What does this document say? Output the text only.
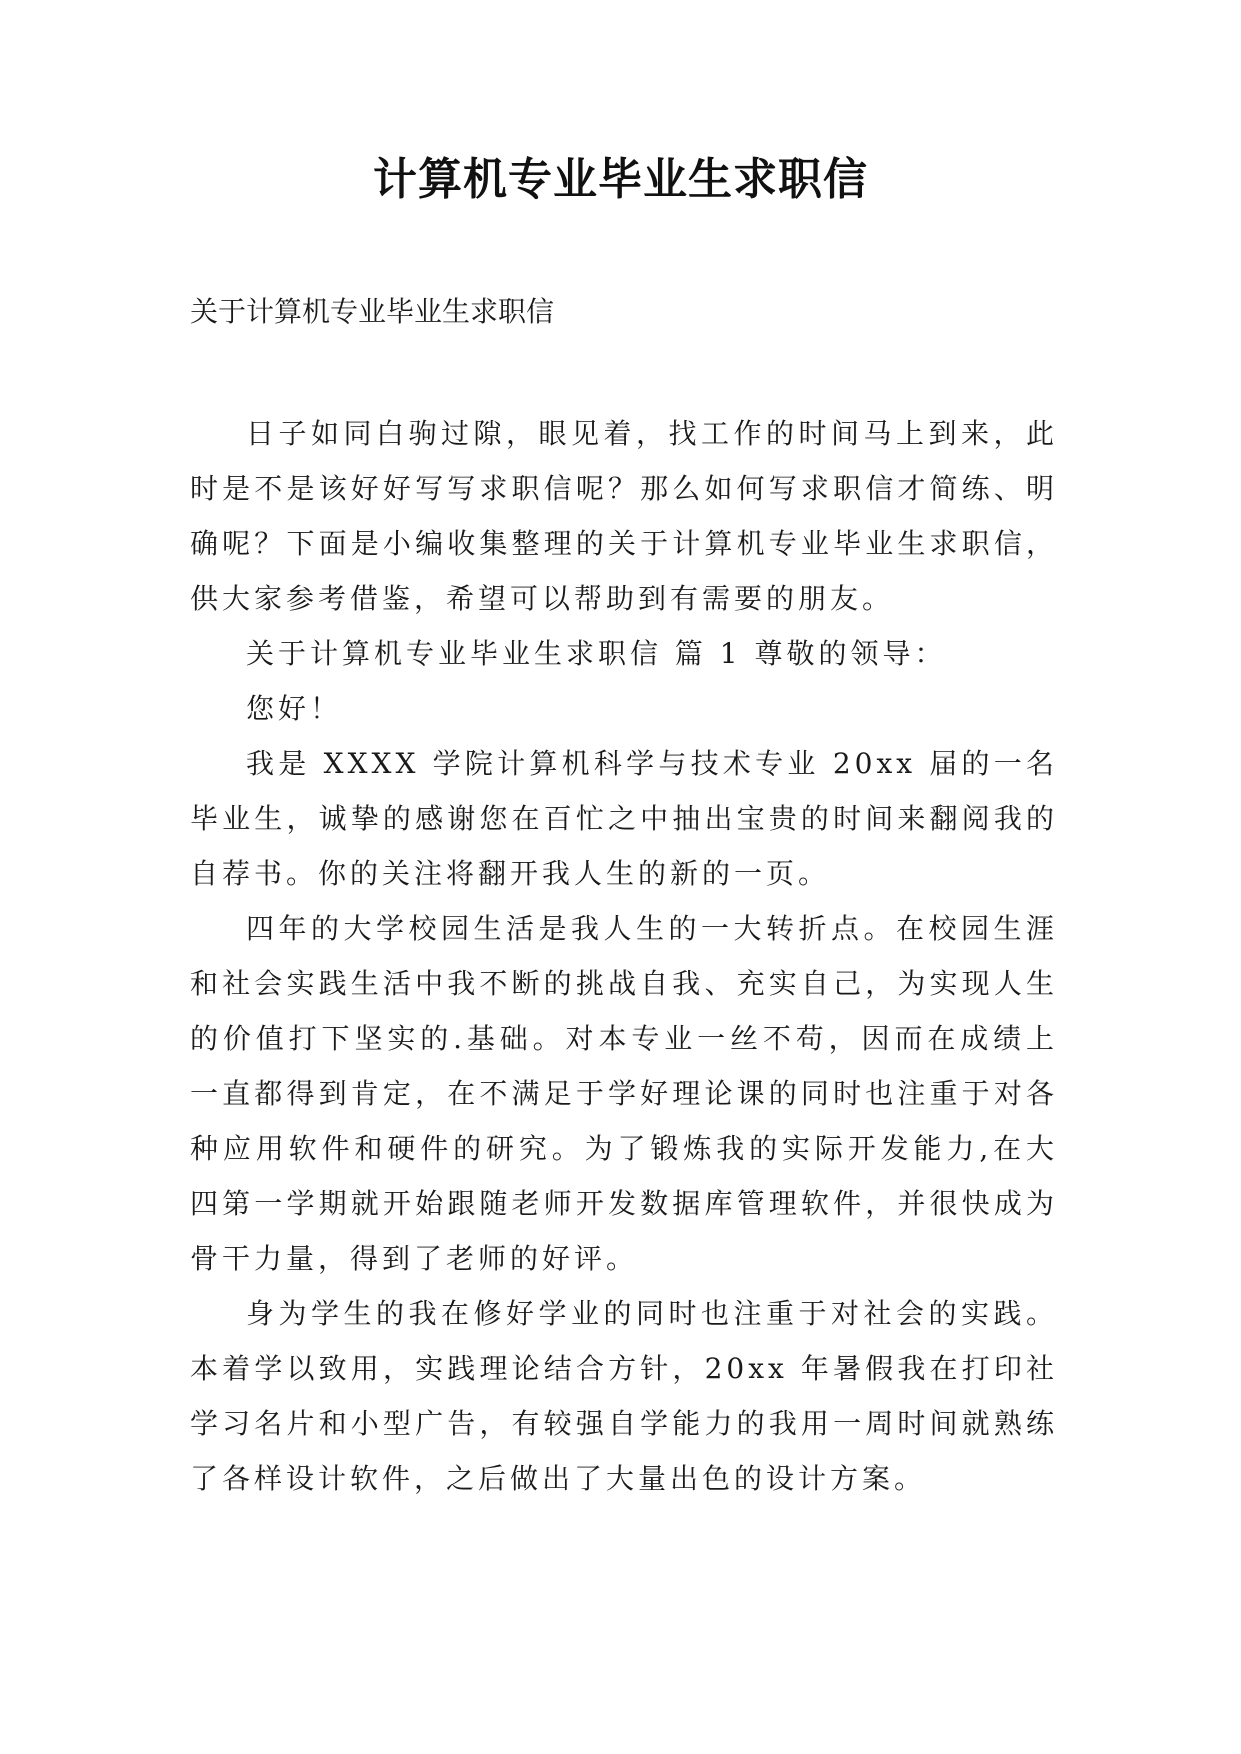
计算机专业毕业生求职信

关于计算机专业毕业生求职信

日子如同白驹过隙，眼见着，找工作的时间马上到来，此时是不是该好好写写求职信呢？那么如何写求职信才简练、明确呢？下面是小编收集整理的关于计算机专业毕业生求职信，供大家参考借鉴，希望可以帮助到有需要的朋友。

关于计算机专业毕业生求职信 篇 1 尊敬的领导：

您好！

我是 XXXX 学院计算机科学与技术专业 20xx 届的一名毕业生，诚挚的感谢您在百忙之中抽出宝贵的时间来翻阅我的自荐书。你的关注将翻开我人生的新的一页。

四年的大学校园生活是我人生的一大转折点。在校园生涯和社会实践生活中我不断的挑战自我、充实自己，为实现人生的价值打下坚实的.基础。对本专业一丝不苟，因而在成绩上一直都得到肯定，在不满足于学好理论课的同时也注重于对各种应用软件和硬件的研究。为了锻炼我的实际开发能力,在大四第一学期就开始跟随老师开发数据库管理软件，并很快成为骨干力量，得到了老师的好评。

身为学生的我在修好学业的同时也注重于对社会的实践。本着学以致用，实践理论结合方针，20xx 年暑假我在打印社学习名片和小型广告，有较强自学能力的我用一周时间就熟练了各样设计软件，之后做出了大量出色的设计方案。
